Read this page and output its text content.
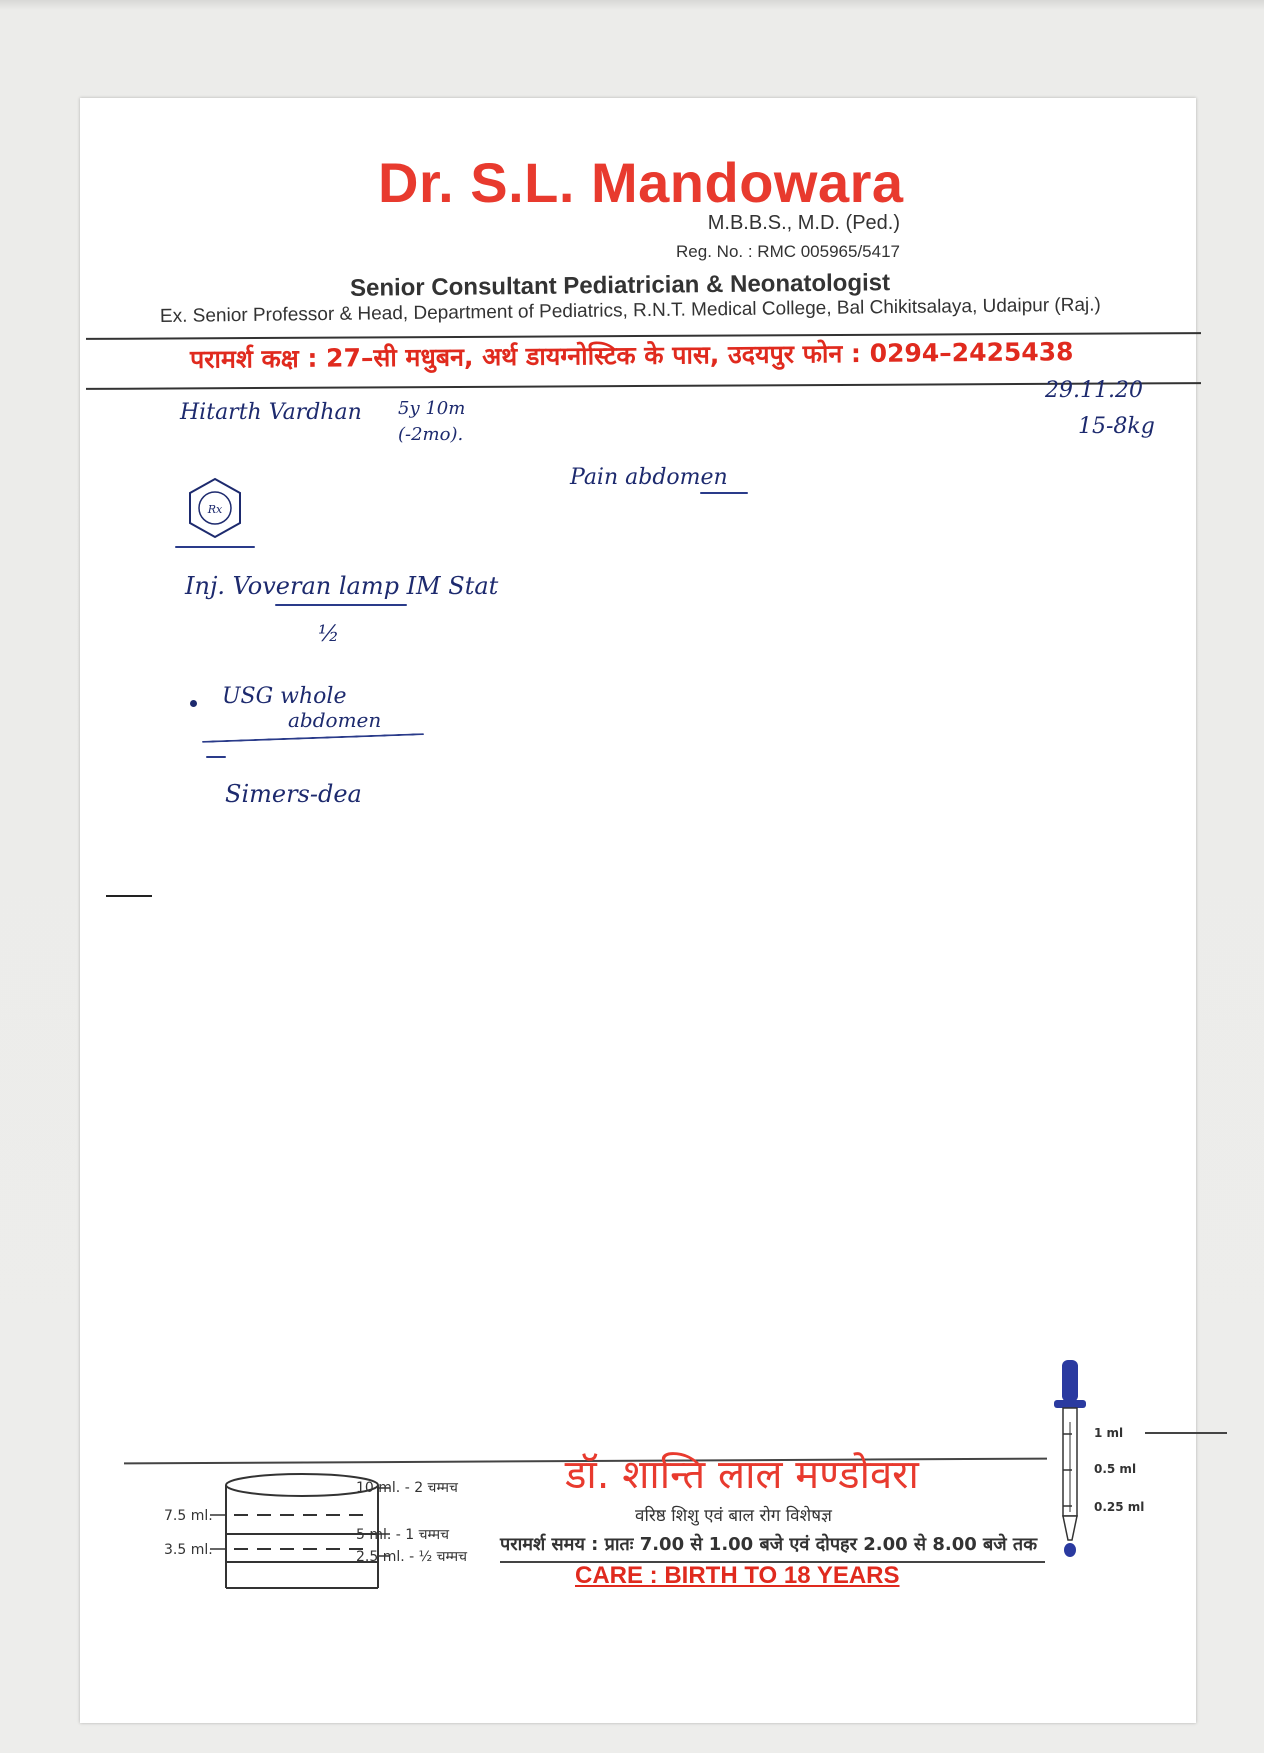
Dr. S.L. Mandowara
M.B.B.S., M.D. (Ped.)
Reg. No. : RMC 005965/5417
Senior Consultant Pediatrician & Neonatologist
Ex. Senior Professor & Head, Department of Pediatrics, R.N.T. Medical College, Bal Chikitsalaya, Udaipur (Raj.)
परामर्श कक्ष : 27–सी मधुबन, अर्थ डायग्नोस्टिक के पास, उदयपुर फोन : 0294–2425438
Hitarth Vardhan 5y 10m
(-2mo).
29.11.20
15-8kg
Pain abdomen
Rx
Inj. Voveran lamp IM Stat
½
USG whole
abdomen
Simers-dea
7.5 ml.
3.5 ml.
10 ml. - 2 चम्मच
5 ml. - 1 चम्मच
2.5 ml. - ½ चम्मच
डॉ. शान्ति लाल मण्डोवरा
वरिष्ठ शिशु एवं बाल रोग विशेषज्ञ
परामर्श समय : प्रातः 7.00 से 1.00 बजे एवं दोपहर 2.00 से 8.00 बजे तक
CARE : BIRTH TO 18 YEARS
1 ml
0.5 ml
0.25 ml
